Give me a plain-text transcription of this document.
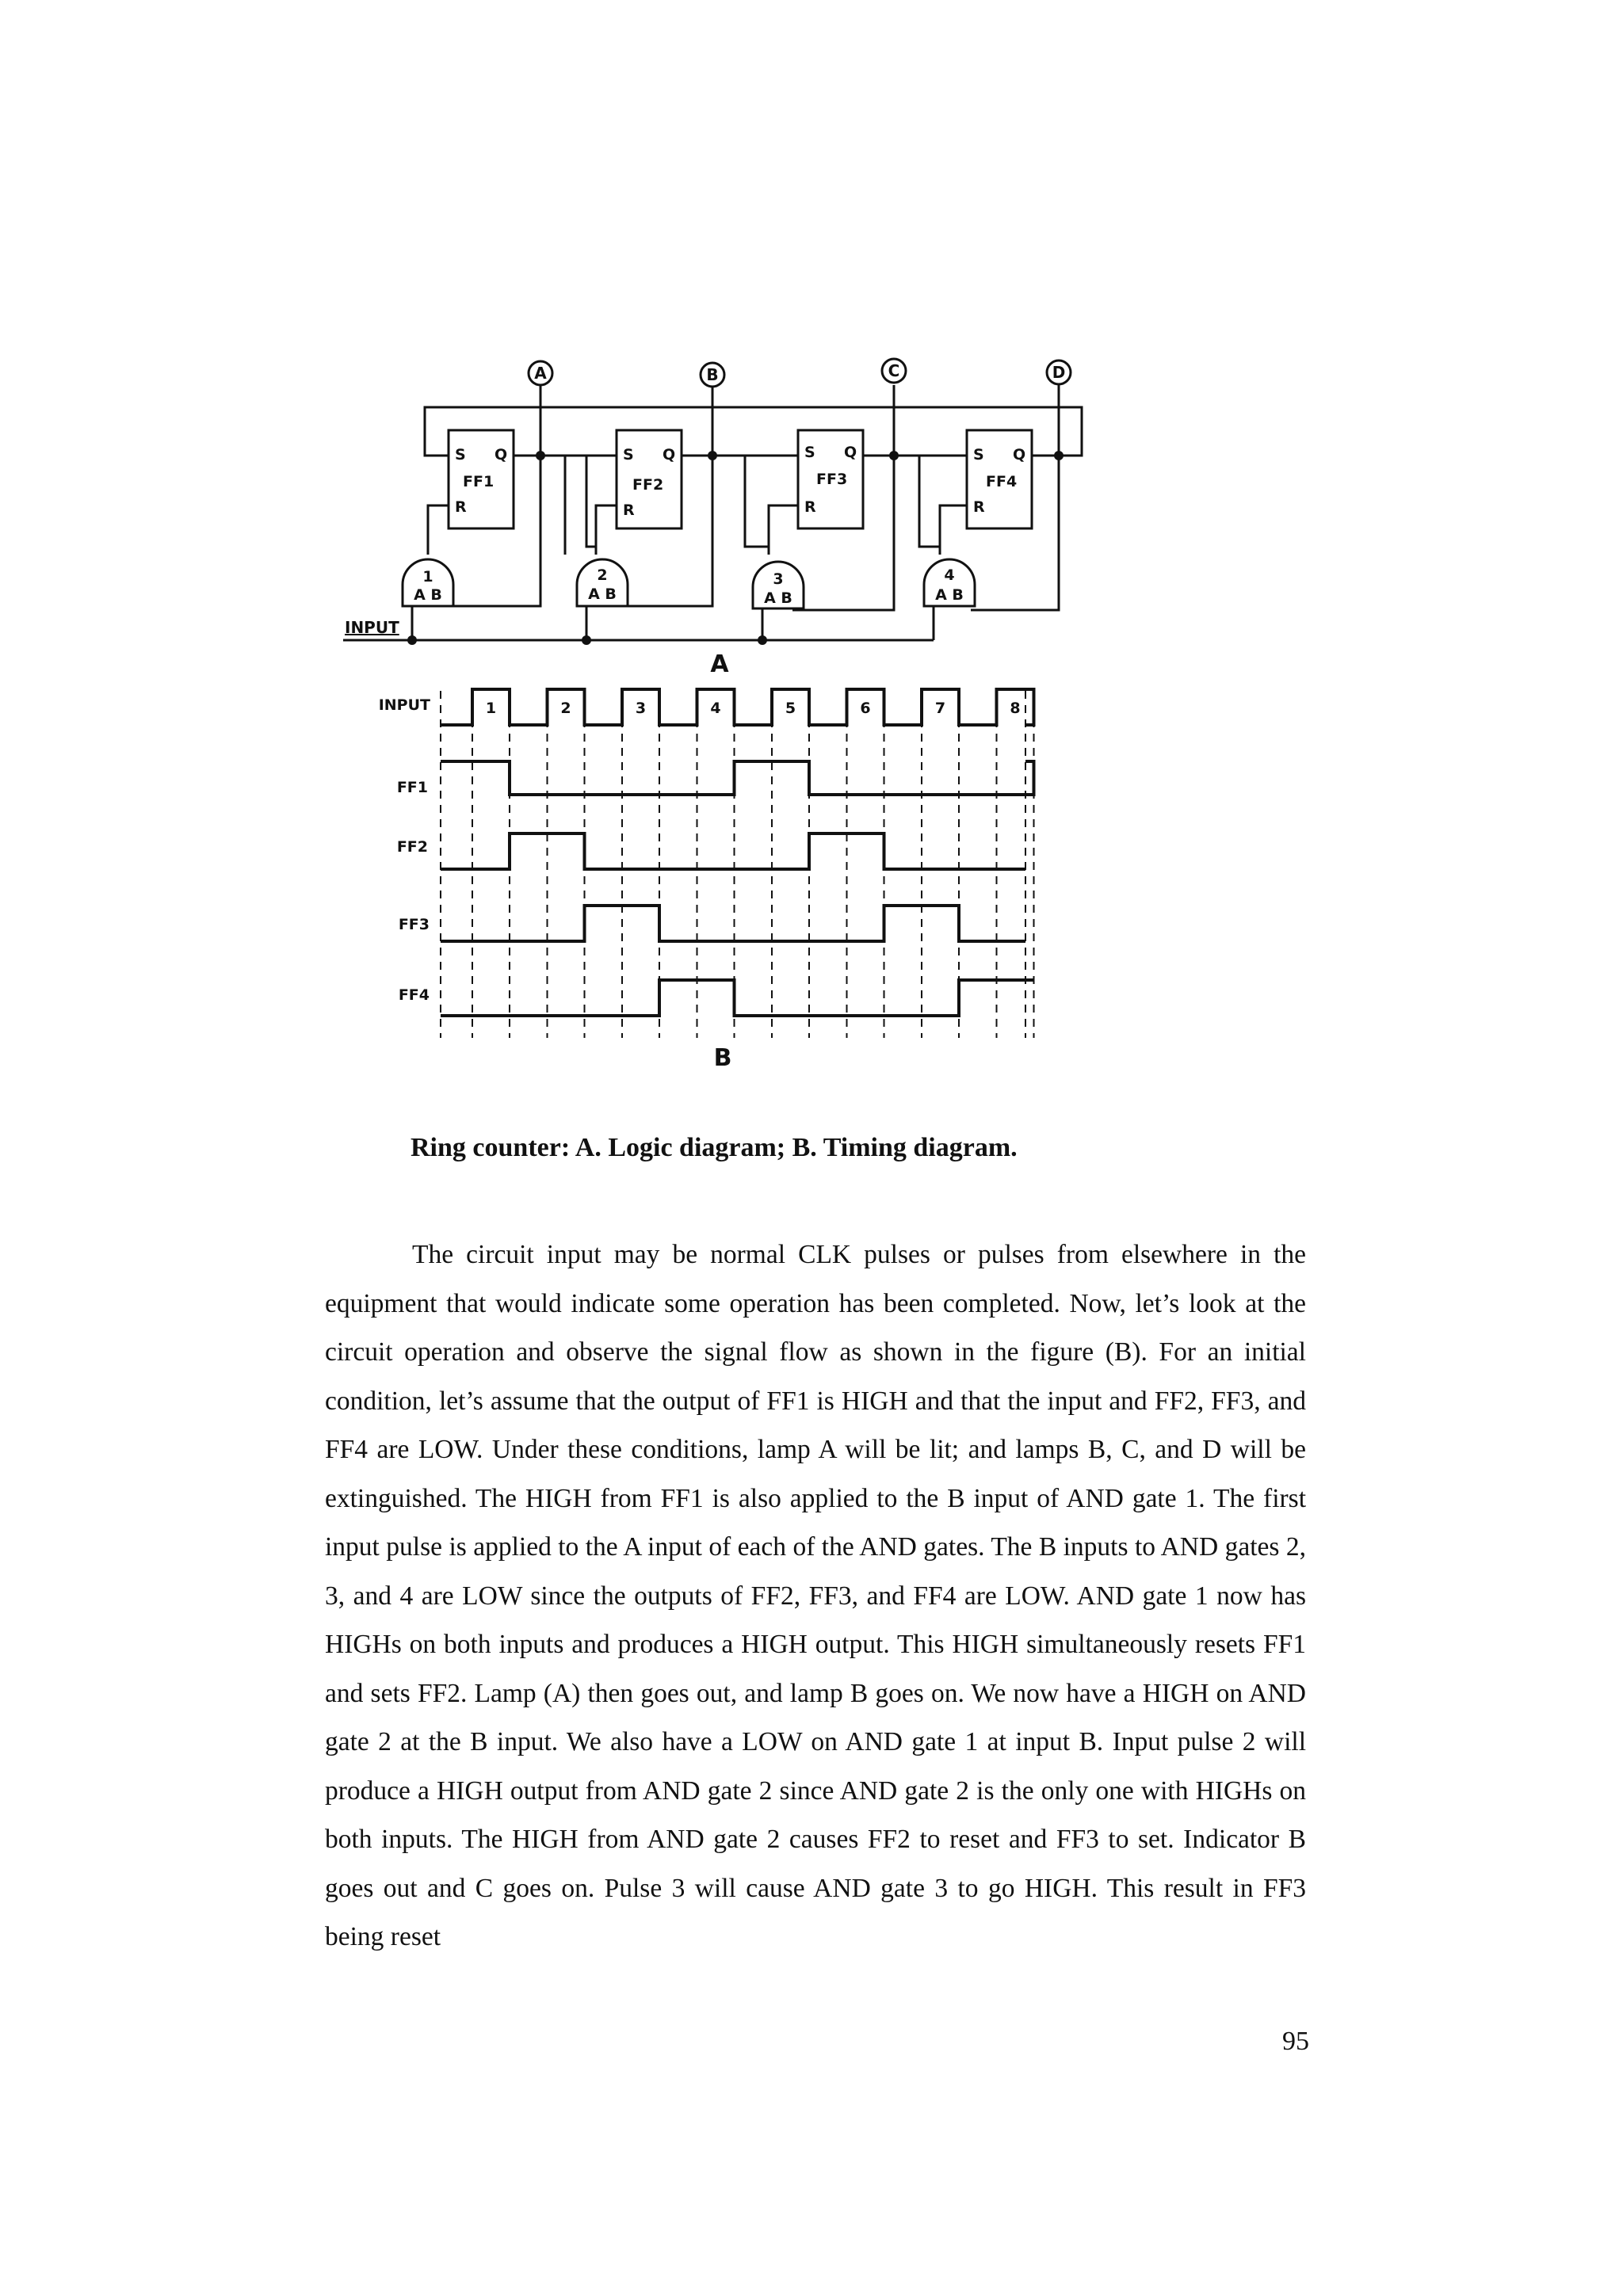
A	B	C	D
S Q
FF1
R
S Q
FF2
R
S Q
FF3
R
S Q
FF4
R
1
A B
2
A B
3
A B
4
A B
INPUT
A
1	2	3	4	5	6	7	8
INPUT
FF1
FF2
FF3
FF4
B

Ring counter: A. Logic diagram; B. Timing diagram.

The circuit input may be normal CLK pulses or pulses from elsewhere in the equipment that would indicate some operation has been completed. Now, let’s look at the circuit operation and observe the signal flow as shown in the figure (B). For an initial condition, let’s assume that the output of FF1 is HIGH and that the input and FF2, FF3, and FF4 are LOW. Under these conditions, lamp A will be lit; and lamps B, C, and D will be extinguished. The HIGH from FF1 is also applied to the B input of AND gate 1. The first input pulse is applied to the A input of each of the AND gates. The B inputs to AND gates 2, 3, and 4 are LOW since the outputs of FF2, FF3, and FF4 are LOW. AND gate 1 now has HIGHs on both inputs and produces a HIGH output. This HIGH simultaneously resets FF1 and sets FF2. Lamp (A) then goes out, and lamp B goes on. We now have a HIGH on AND gate 2 at the B input. We also have a LOW on AND gate 1 at input B. Input pulse 2 will produce a HIGH output from AND gate 2 since AND gate 2 is the only one with HIGHs on both inputs. The HIGH from AND gate 2 causes FF2 to reset and FF3 to set. Indicator B goes out and C goes on. Pulse 3 will cause AND gate 3 to go HIGH. This result in FF3 being reset

95
